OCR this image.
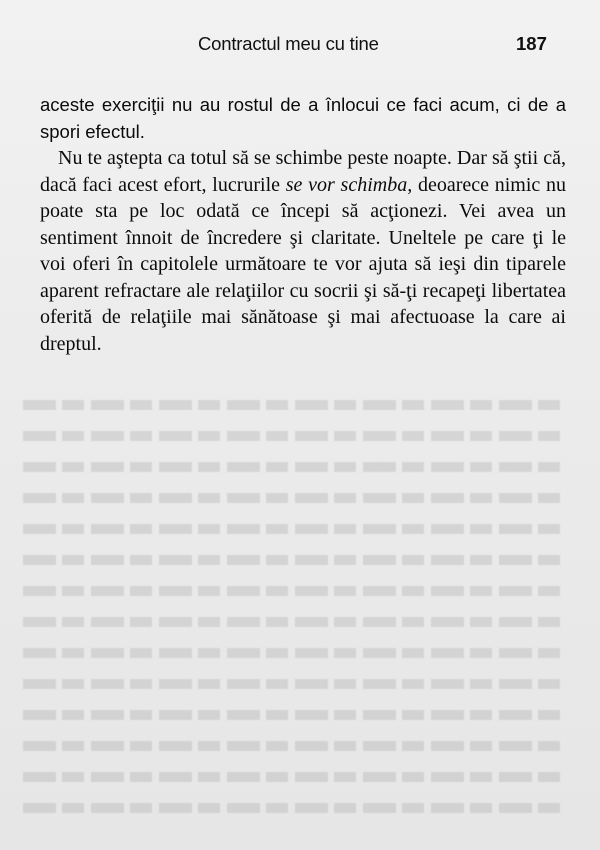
Contractul meu cu tine	187

aceste exerciţii nu au rostul de a înlocui ce faci acum, ci de a spori efectul.

Nu te aştepta ca totul să se schimbe peste noapte. Dar să ştii că, dacă faci acest efort, lucrurile se vor schimba, deoarece nimic nu poate sta pe loc odată ce începi să acţionezi. Vei avea un sentiment înnoit de încredere şi claritate. Uneltele pe care ţi le voi oferi în capitolele următoare te vor ajuta să ieşi din tiparele aparent refractare ale relaţiilor cu socrii şi să-ţi recapeţi libertatea oferită de relaţiile mai sănătoase şi mai afectuoase la care ai dreptul.
